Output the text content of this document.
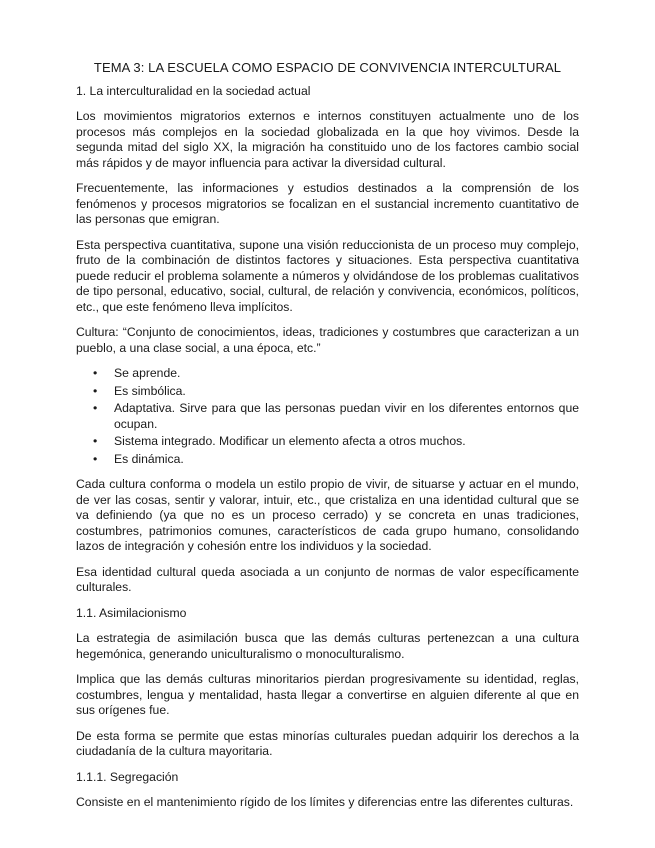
TEMA 3: LA ESCUELA COMO ESPACIO DE CONVIVENCIA INTERCULTURAL
1. La interculturalidad en la sociedad actual

Los movimientos migratorios externos e internos constituyen actualmente uno de los procesos más complejos en la sociedad globalizada en la que hoy vivimos. Desde la segunda mitad del siglo XX, la migración ha constituido uno de los factores cambio social más rápidos y de mayor influencia para activar la diversidad cultural.

Frecuentemente, las informaciones y estudios destinados a la comprensión de los fenómenos y procesos migratorios se focalizan en el sustancial incremento cuantitativo de las personas que emigran.

Esta perspectiva cuantitativa, supone una visión reduccionista de un proceso muy complejo, fruto de la combinación de distintos factores y situaciones. Esta perspectiva cuantitativa puede reducir el problema solamente a números y olvidándose de los problemas cualitativos de tipo personal, educativo, social, cultural, de relación y convivencia, económicos, políticos, etc., que este fenómeno lleva implícitos.

Cultura: “Conjunto de conocimientos, ideas, tradiciones y costumbres que caracterizan a un pueblo, a una clase social, a una época, etc.”

• Se aprende.
• Es simbólica.
• Adaptativa. Sirve para que las personas puedan vivir en los diferentes entornos que ocupan.
• Sistema integrado. Modificar un elemento afecta a otros muchos.
• Es dinámica.

Cada cultura conforma o modela un estilo propio de vivir, de situarse y actuar en el mundo, de ver las cosas, sentir y valorar, intuir, etc., que cristaliza en una identidad cultural que se va definiendo (ya que no es un proceso cerrado) y se concreta en unas tradiciones, costumbres, patrimonios comunes, característicos de cada grupo humano, consolidando lazos de integración y cohesión entre los individuos y la sociedad.

Esa identidad cultural queda asociada a un conjunto de normas de valor específicamente culturales.

1.1. Asimilacionismo

La estrategia de asimilación busca que las demás culturas pertenezcan a una cultura hegemónica, generando uniculturalismo o monoculturalismo.

Implica que las demás culturas minoritarios pierdan progresivamente su identidad, reglas, costumbres, lengua y mentalidad, hasta llegar a convertirse en alguien diferente al que en sus orígenes fue.

De esta forma se permite que estas minorías culturales puedan adquirir los derechos a la ciudadanía de la cultura mayoritaria.

1.1.1. Segregación

Consiste en el mantenimiento rígido de los límites y diferencias entre las diferentes culturas.
